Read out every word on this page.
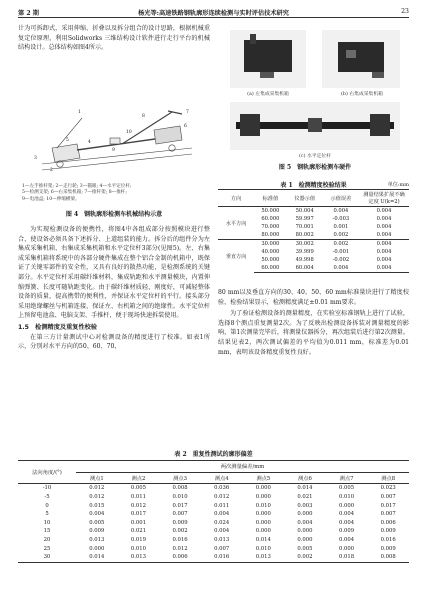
第 2 期	杨光等:高速铁路钢轨廓形连续检测与实时评估技术研究	23

计为可拆卸式，采用伸缩、折叠以及拆分组合的设计思路，根据机械重复定位原理，利用Solidworks 三维结构设计软件进行走行平台的机械结构设计。总体结构如图4所示。

1
2
3
4
5
6
7
8
9
10
1—左手推杆架; 2—走行轮; 3—猫眼; 4—水平定位杆;
5—检测支架; 6—右采集机箱; 7—推杆架; 8—推杆;
9—电池盒; 10—伸缩横梁。
图 4　钢轨廓形检测车机械结构示意

为实现检测设备的便携性，将图4中各组成部分按照模块进行整合，使设备必须具备下述拆分、上道组装的能力。拆分后的组件分为左集成采集机箱、右集成采集机箱和水平定位杆3部分(见图5)。左、右集成采集机箱将系统中的各部分硬件集成在整个铝合金制的机箱中，既保证了关键零部件的安全性，又具有良好的散热功能，是检测系统的关键部分。水平定位杆采用碳纤维材料，集成轨距和水平测量模块，内置伸缩弹簧、长度可随轨距变化。由于碳纤维材质轻、刚度好，可减轻整体设备的质量，提高携带的便利性，并保证水平定位杆的平行。接头部分采用绝缘螺丝与机箱连接，保证左、右机箱之间的绝缘性。水平定位杆上预留电池盒、电脑支架、手推杆，便于现场快速拆装使用。

1.5　检测精度及重复性校验

在第三方计量测试中心对检测设备的精度进行了校准。如表1所示，分别对水平方向的50、60、70、

(a) 左集成采集机箱	(b) 右集成采集机箱
(c) 水平定位杆
图 5　钢轨廓形检测车硬件
表 1　检测精度校验结果	单位:mm
方向	标准值	仪器示值	示值误差	测量结果扩展不确定度 U(k=2)
水平方向	50.000	50.004	0.004	0.004
	60.000	59.997	-0.003	0.004
	70.000	70.001	0.001	0.004
	80.000	80.002	0.002	0.004
垂直方向	30.000	30.002	0.002	0.004
	40.000	39.999	-0.001	0.004
	50.000	49.998	-0.002	0.004
	60.000	60.004	0.004	0.004

80 mm以及垂直方向的30、40、50、60 mm标准量块进行了精度校验，检验结果显示，检测精度满足±0.01 mm要求。

为了验证检测设备的测量精度，在实验室标准钢轨上进行了试验，选择8个测点重复测量2次。为了反映出检测设备拆装对测量精度的影响，第1次测量完毕后，将测量仪器拆分，再次组装后进行第2次测量。结果见表2，两次测试偏差的平均值为0.011 mm，标准差为0.01 mm，表明该设备精度重复性良好。

表 2　重复性测试的廓形偏差
法向角度/(°)	两次测量偏差/mm							
	测点1	测点2	测点3	测点4	测点5	测点6	测点7	测点8
-10	0.012	0.005	0.008	0.036	0.000	0.014	0.005	0.023
-5	0.012	0.011	0.010	0.012	0.000	0.021	0.010	0.007
0	0.015	0.012	0.017	0.011	0.010	0.003	0.000	0.017
5	0.004	0.017	0.007	0.004	0.000	0.000	0.004	0.007
10	0.005	0.001	0.009	0.024	0.000	0.004	0.004	0.006
15	0.009	0.021	0.002	0.004	0.000	0.000	0.009	0.009
20	0.013	0.019	0.016	0.013	0.014	0.000	0.004	0.016
25	0.000	0.010	0.012	0.007	0.010	0.005	0.000	0.009
30	0.014	0.013	0.006	0.016	0.013	0.002	0.018	0.008
